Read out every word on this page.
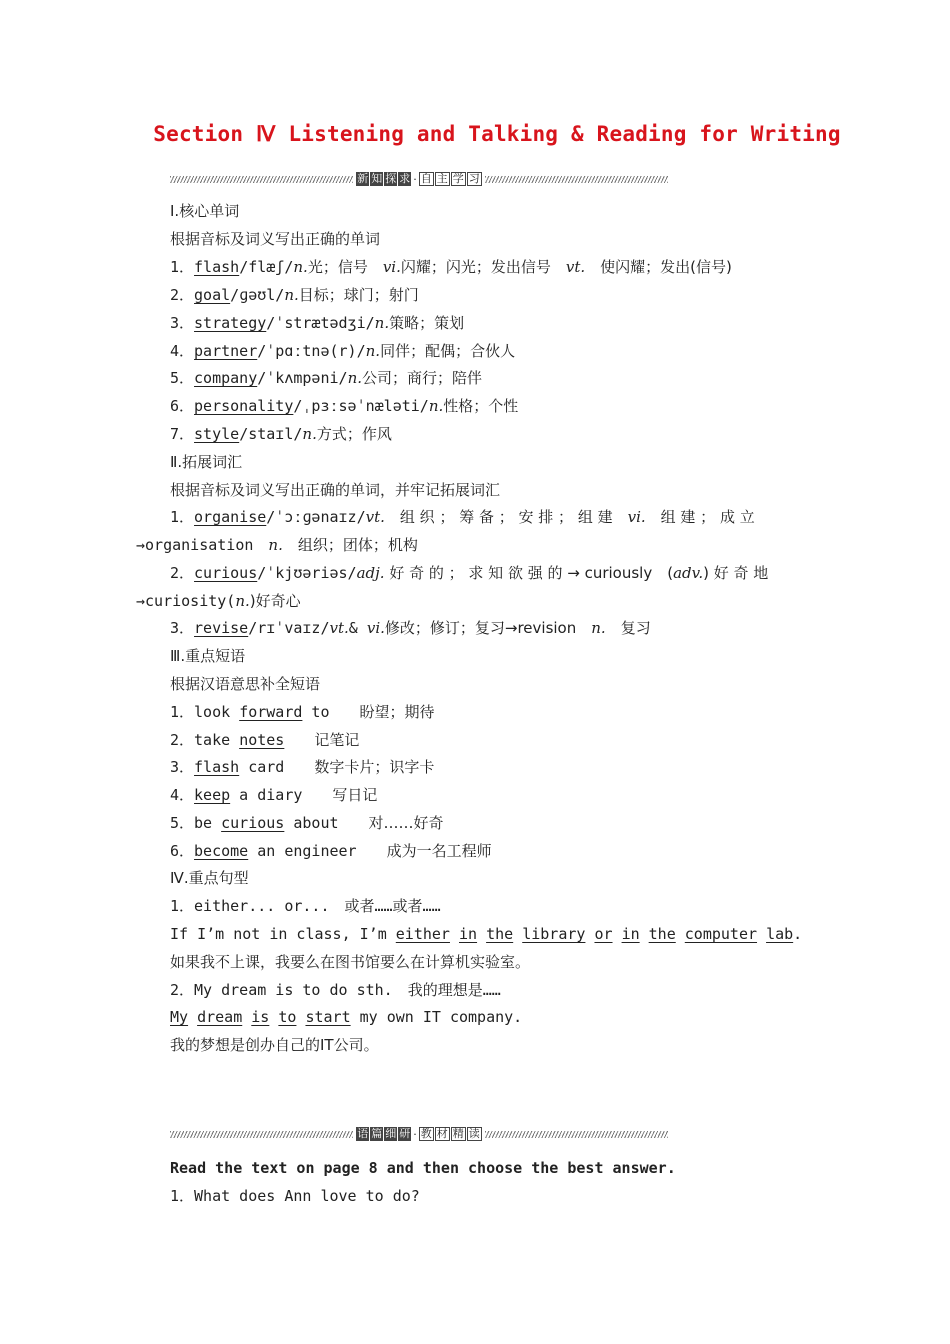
Section Ⅳ Listening and Talking & Reading for Writing
新 知 探 求 · 自 主 学 习
Ⅰ.核心单词
根据音标及词义写出正确的单词
1．flash/flæʃ/n.光；信号　vi.闪耀；闪光；发出信号　vt.　使闪耀；发出(信号)
2．goal/ɡəʊl/n.目标；球门；射门
3．strategy/ˈstrætədʒi/n.策略；策划
4．partner/ˈpɑːtnə(r)/n.同伴；配偶；合伙人
5．company/ˈkʌmpəni/n.公司；商行；陪伴
6．personality/ˌpɜːsəˈnæləti/n.性格；个性
7．style/staɪl/n.方式；作风
Ⅱ.拓展词汇
根据音标及词义写出正确的单词，并牢记拓展词汇
1．organise/ˈɔːɡənaɪz/vt.　组 织 ； 筹 备 ； 安 排 ； 组 建　vi.　组 建 ； 成 立
→organisation　n.　组织；团体；机构
2．curious/ˈkjʊəriəs/adj. 好 奇 的 ； 求 知 欲 强 的 → curiously　(adv.) 好 奇 地
→curiosity(n.)好奇心
3．revise/rɪˈvaɪz/vt.& vi.修改；修订；复习→revision　n.　复习
Ⅲ.重点短语
根据汉语意思补全短语
1．look forward to　　盼望；期待
2．take notes　　 记笔记
3．flash card　　数字卡片；识字卡
4．keep a diary　　写日记
5．be curious about　　对……好奇
6．become an engineer　　成为一名工程师
Ⅳ.重点句型
1．either... or...　或者……或者……
If I’m not in class, I’m either in the library or in the computer lab.
如果我不上课，我要么在图书馆要么在计算机实验室。
2．My dream is to do sth.　我的理想是……
My dream is to start my own IT company.
我的梦想是创办自己的IT公司。
语 篇 细 研 · 教 材 精 读
Read the text on page 8 and then choose the best answer.
1．What does Ann love to do?
